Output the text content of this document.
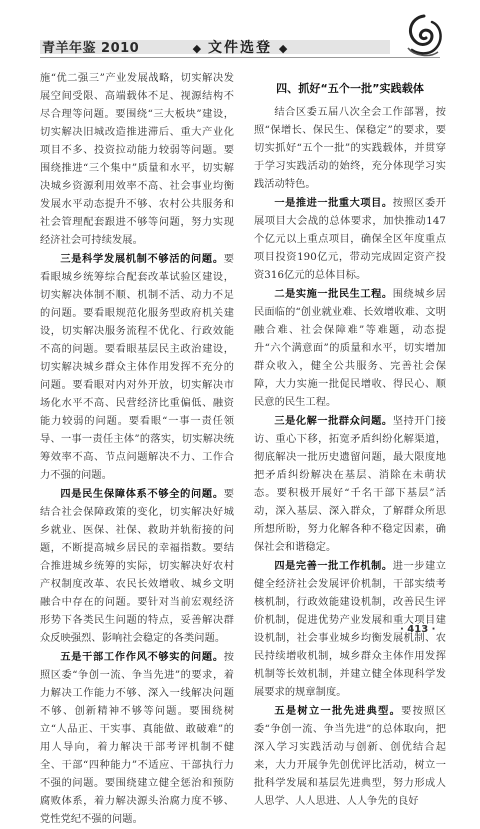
青羊年鉴 2010	◆ 文件选登 ◆

施“优二强三”产业发展战略，切实解决发展空间受限、高端载体不足、视源结构不尽合理等问题。要围绕“三大板块”建设，切实解决旧城改造推进滞后、重大产业化项目不多、投资拉动能力较弱等问题。要围绕推进“三个集中”质量和水平，切实解决城乡资源利用效率不高、社会事业均衡发展水平动态提升不够、农村公共服务和社会管理配套跟进不够等问题，努力实现经济社会可持续发展。

三是科学发展机制不够活的问题。要看眼城乡统筹综合配套改革试验区建设，切实解决体制不顺、机制不活、动力不足的问题。要看眼规范化服务型政府机关建设，切实解决服务流程不优化、行政效能不高的问题。要看眼基层民主政治建设，切实解决城乡群众主体作用发挥不充分的问题。要看眼对内对外开放，切实解决市场化水平不高、民营经济比重偏低、融资能力较弱的问题。要看眼“一事一责任领导、一事一责任主体”的落实，切实解决统筹效率不高、节点问题解决不力、工作合力不强的问题。

四是民生保障体系不够全的问题。要结合社会保障政策的变化，切实解决好城乡就业、医保、社保、救助并轨衔接的问题，不断提高城乡居民的幸福指数。要结合推进城乡统筹的实际，切实解决好农村产权制度改革、农民长效增收、城乡文明融合中存在的问题。要针对当前宏观经济形势下各类民生问题的特点，妥善解决群众反映强烈、影响社会稳定的各类问题。

五是干部工作作风不够实的问题。按照区委“争创一流、争当先进”的要求，着力解决工作能力不够、深入一线解决问题不够、创新精神不够等问题。要围绕树立“人品正、干实事、真能做、敢破难”的用人导向，着力解决干部考评机制不健全、干部“四种能力”不适应、干部执行力不强的问题。要围绕建立健全惩治和预防腐败体系，着力解决源头治腐力度不够、党性党纪不强的问题。

四、抓好“五个一批”实践载体

结合区委五届八次全会工作部署，按照“保增长、保民生、保稳定”的要求，要切实抓好“五个一批”的实践载体，并贯穿于学习实践活动的始终，充分体现学习实践活动特色。

一是推进一批重大项目。按照区委开展项目大会战的总体要求，加快推动147个亿元以上重点项目，确保全区年度重点项目投资190亿元，带动完成固定资产投资316亿元的总体目标。

二是实施一批民生工程。围绕城乡居民面临的“创业就业难、长效增收难、文明融合难、社会保障难”等难题，动态提升“六个满意面”的质量和水平，切实增加群众收入，健全公共服务、完善社会保障，大力实施一批促民增收、得民心、顺民意的民生工程。

三是化解一批群众问题。坚持开门接访、重心下移，拓宽矛盾纠纷化解渠道，彻底解决一批历史遗留问题，最大限度地把矛盾纠纷解决在基层、消除在未萌状态。要积极开展好“千名干部下基层”活动，深入基层、深入群众，了解群众所思所想所盼，努力化解各种不稳定因素，确保社会和谐稳定。

四是完善一批工作机制。进一步建立健全经济社会发展评价机制，干部实绩考核机制，行政效能建设机制，改善民生评价机制，促进优势产业发展和重大项目建设机制，社会事业城乡均衡发展机制、农民持续增收机制，城乡群众主体作用发挥机制等长效机制，并建立健全体现科学发展要求的规章制度。

五是树立一批先进典型。要按照区委“争创一流、争当先进”的总体取向，把深入学习实践活动与创新、创优结合起来，大力开展争先创优评比活动，树立一批科学发展和基层先进典型，努力形成人人思学、人人思进、人人争先的良好

· 413 ·
